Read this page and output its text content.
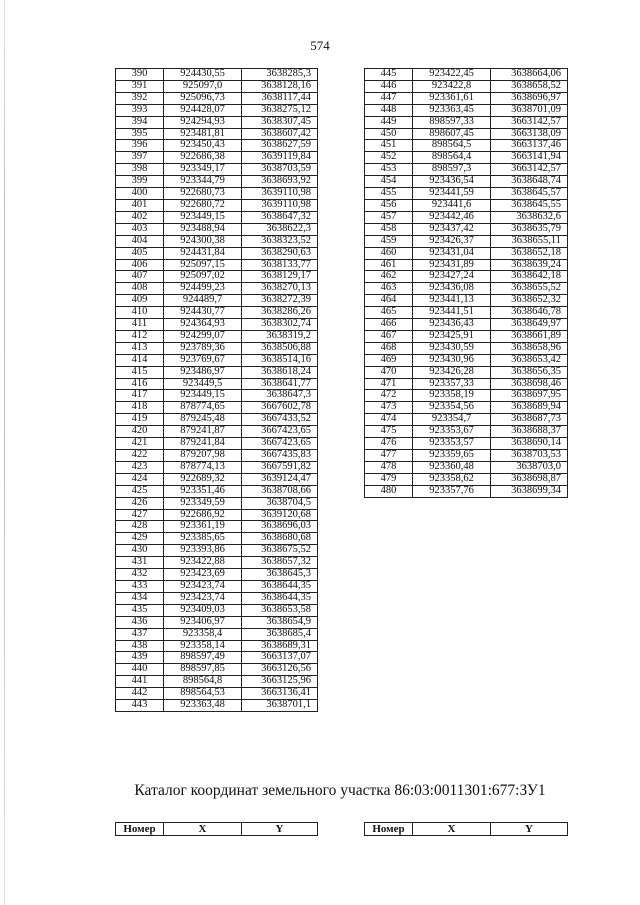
574
390	924430,55	3638285,3
391	925097,0	3638128,16
392	925096,73	3638117,44
393	924428,07	3638275,12
394	924294,93	3638307,45
395	923481,81	3638607,42
396	923450,43	3638627,59
397	922686,38	3639119,84
398	923349,17	3638703,59
399	923344,79	3638693,92
400	922680,73	3639110,98
401	922680,72	3639110,98
402	923449,15	3638647,32
403	923488,94	3638622,3
404	924300,38	3638323,52
405	924431,84	3638290,63
406	925097,15	3638133,77
407	925097,02	3638129,17
408	924499,23	3638270,13
409	924489,7	3638272,39
410	924430,77	3638286,26
411	924364,93	3638302,74
412	924299,07	3638319,2
413	923789,36	3638506,88
414	923769,67	3638514,16
415	923486,97	3638618,24
416	923449,5	3638641,77
417	923449,15	3638647,3
418	878774,65	3667602,78
419	879245,48	3667433,52
420	879241,87	3667423,65
421	879241,84	3667423,65
422	879207,98	3667435,83
423	878774,13	3667591,82
424	922689,32	3639124,47
425	923351,46	3638708,66
426	923349,59	3638704,5
427	922686,92	3639120,68
428	923361,19	3638696,03
429	923385,65	3638680,68
430	923393,86	3638675,52
431	923422,88	3638657,32
432	923423,69	3638645,3
433	923423,74	3638644,35
434	923423,74	3638644,35
435	923409,03	3638653,58
436	923406,97	3638654,9
437	923358,4	3638685,4
438	923358,14	3638689,31
439	898597,49	3663137,07
440	898597,85	3663126,56
441	898564,8	3663125,96
442	898564,53	3663136,41
443	923363,48	3638701,1
445	923422,45	3638664,06
446	923422,8	3638658,52
447	923361,61	3638696,97
448	923363,45	3638701,09
449	898597,33	3663142,57
450	898607,45	3663138,09
451	898564,5	3663137,46
452	898564,4	3663141,94
453	898597,3	3663142,57
454	923436,54	3638648,74
455	923441,59	3638645,57
456	923441,6	3638645,55
457	923442,46	3638632,6
458	923437,42	3638635,79
459	923426,37	3638655,11
460	923431,04	3638652,18
461	923431,89	3638639,24
462	923427,24	3638642,18
463	923436,08	3638655,52
464	923441,13	3638652,32
465	923441,51	3638646,78
466	923436,43	3638649,97
467	923425,91	3638661,89
468	923430,59	3638658,96
469	923430,96	3638653,42
470	923426,28	3638656,35
471	923357,33	3638698,46
472	923358,19	3638697,95
473	923354,56	3638689,94
474	923354,7	3638687,73
475	923353,67	3638688,37
476	923353,57	3638690,14
477	923359,65	3638703,53
478	923360,48	3638703,0
479	923358,62	3638698,87
480	923357,76	3638699,34
Каталог координат земельного участка 86:03:0011301:677:ЗУ1
Номер	X	Y	Номер	X	Y
